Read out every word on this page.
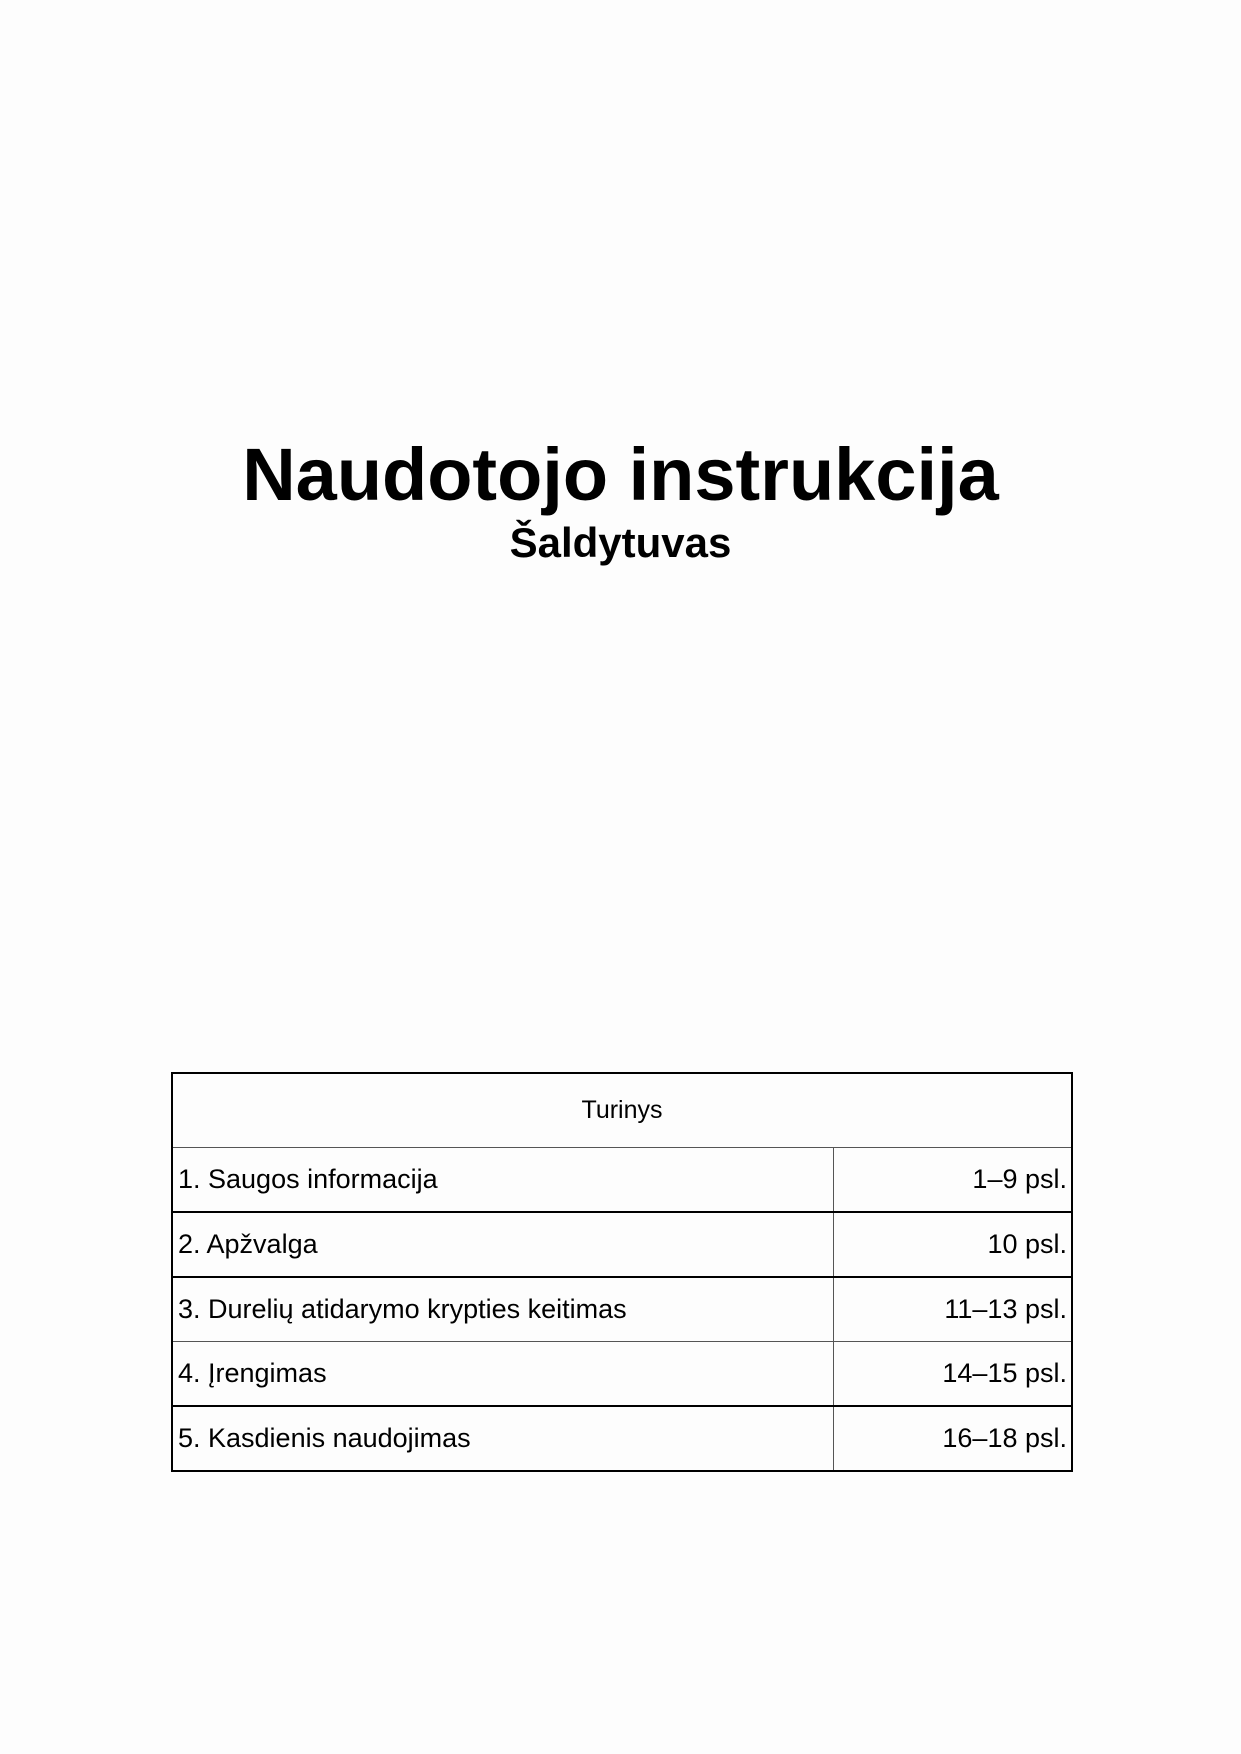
Naudotojo instrukcija
Šaldytuvas
Turinys
1. Saugos informacija	1–9 psl.
2. Apžvalga	10 psl.
3. Durelių atidarymo krypties keitimas	11–13 psl.
4. Įrengimas	14–15 psl.
5. Kasdienis naudojimas	16–18 psl.
